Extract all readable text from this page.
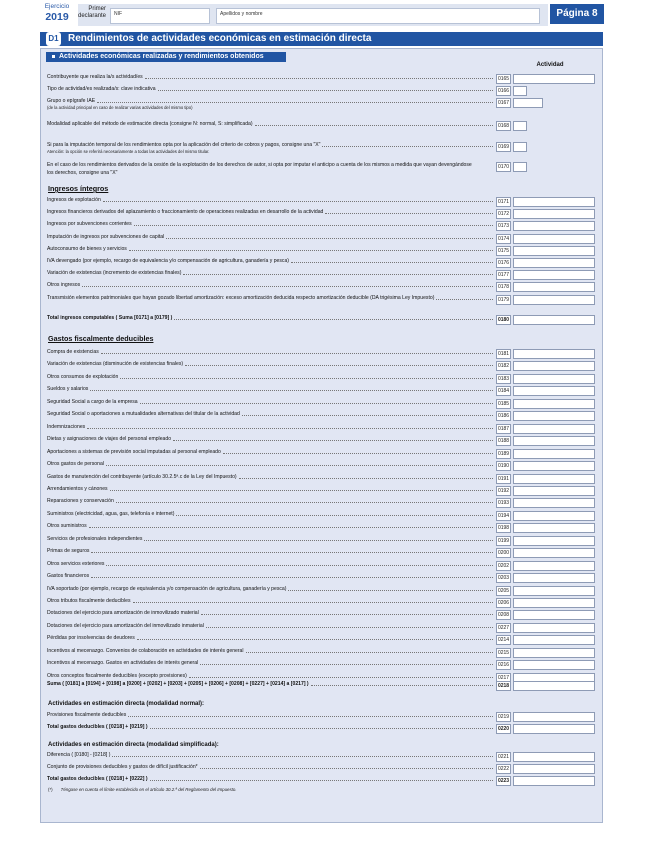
Ejercicio
2019
Primer
declarante	NIF	Apellidos y nombre	Página 8
D1 Rendimientos de actividades económicas en estimación directa
Actividades económicas realizadas y rendimientos obtenidos
Actividad
Contribuyente que realiza la/s actividad/es	0165
Tipo de actividad/es realizada/s: clave indicativa	0166
Grupo o epígrafe IAE
(de la actividad principal en caso de realizar varias actividades del mismo tipo)
0167
Modalidad aplicable del método de estimación directa (consigne N: normal, S: simplificada)	0168
Si para la imputación temporal de los rendimientos opta por la aplicación del criterio de cobros y pagos, consigne una "X"
Atención: la opción se referirá necesariamente a todas las actividades del mismo titular.
0169
En el caso de los rendimientos derivados de la cesión de la explotación de los derechos de autor, si opta por imputar el anticipo a cuenta de los mismos a medida que vayan devengándose
los derechos, consigne una "X"
0170
Ingresos íntegros
Ingresos de explotación	0171
Ingresos financieros derivados del aplazamiento o fraccionamiento de operaciones realizadas en desarrollo de la actividad	0172
Ingresos por subvenciones corrientes	0173
Imputación de ingresos por subvenciones de capital	0174
Autoconsumo de bienes y servicios	0175
IVA devengado (por ejemplo, recargo de equivalencia y/o compensación de agricultura, ganadería y pesca)	0176
Variación de existencias (incremento de existencias finales)	0177
Otros ingresos	0178
Transmisión elementos patrimoniales que hayan gozado libertad amortización: exceso amortización deducida respecto amortización deducible (DA trigésima Ley Impuesto)	0179
Total ingresos computables ( Suma [0171] a [0179] )	0180
Gastos fiscalmente deducibles
Compra de existencias	0181
Variación de existencias (disminución de existencias finales)	0182
Otros consumos de explotación	0183
Sueldos y salarios	0184
Seguridad Social a cargo de la empresa	0185
Seguridad Social o aportaciones a mutualidades alternativas del titular de la actividad	0186
Indemnizaciones	0187
Dietas y asignaciones de viajes del personal empleado	0188
Aportaciones a sistemas de previsión social imputadas al personal empleado	0189
Otros gastos de personal	0190
Gastos de manutención del contribuyente (artículo 30.2.5ª.c de la Ley del Impuesto)	0191
Arrendamientos y cánones	0192
Reparaciones y conservación	0193
Suministros (electricidad, agua, gas, telefonía e internet)	0194
Otros suministros	0198
Servicios de profesionales independientes	0199
Primas de seguros	0200
Otros servicios exteriores	0202
Gastos financieros	0203
IVA soportado (por ejemplo, recargo de equivalencia y/o compensación de agricultura, ganadería y pesca)	0205
Otros tributos fiscalmente deducibles	0206
Dotaciones del ejercicio para amortización de inmovilizado material	0208
Dotaciones del ejercicio para amortización del inmovilizado inmaterial	0227
Pérdidas por insolvencias de deudores	0214
Incentivos al mecenazgo. Convenios de colaboración en actividades de interés general	0215
Incentivos al mecenazgo. Gastos en actividades de interés general	0216
Otros conceptos fiscalmente deducibles (excepto provisiones)	0217
Suma ( [0181] a [0194] + [0198] a [0200] + [0202] + [0203] + [0205] + [0206] + [0208] + [0227] + [0214] a [0217] )	0218
Actividades en estimación directa (modalidad normal):
Provisiones fiscalmente deducibles	0219
Total gastos deducibles ( [0218] + [0219] )	0220
Actividades en estimación directa (modalidad simplificada):
Diferencia ( [0180] - [0218] )	0221
Conjunto de provisiones deducibles y gastos de difícil justificación*	0222
Total gastos deducibles ( [0218] + [0222] )	0223
(*) Téngase en cuenta el límite establecido en el artículo 30.2.ª del Reglamento del Impuesto.
